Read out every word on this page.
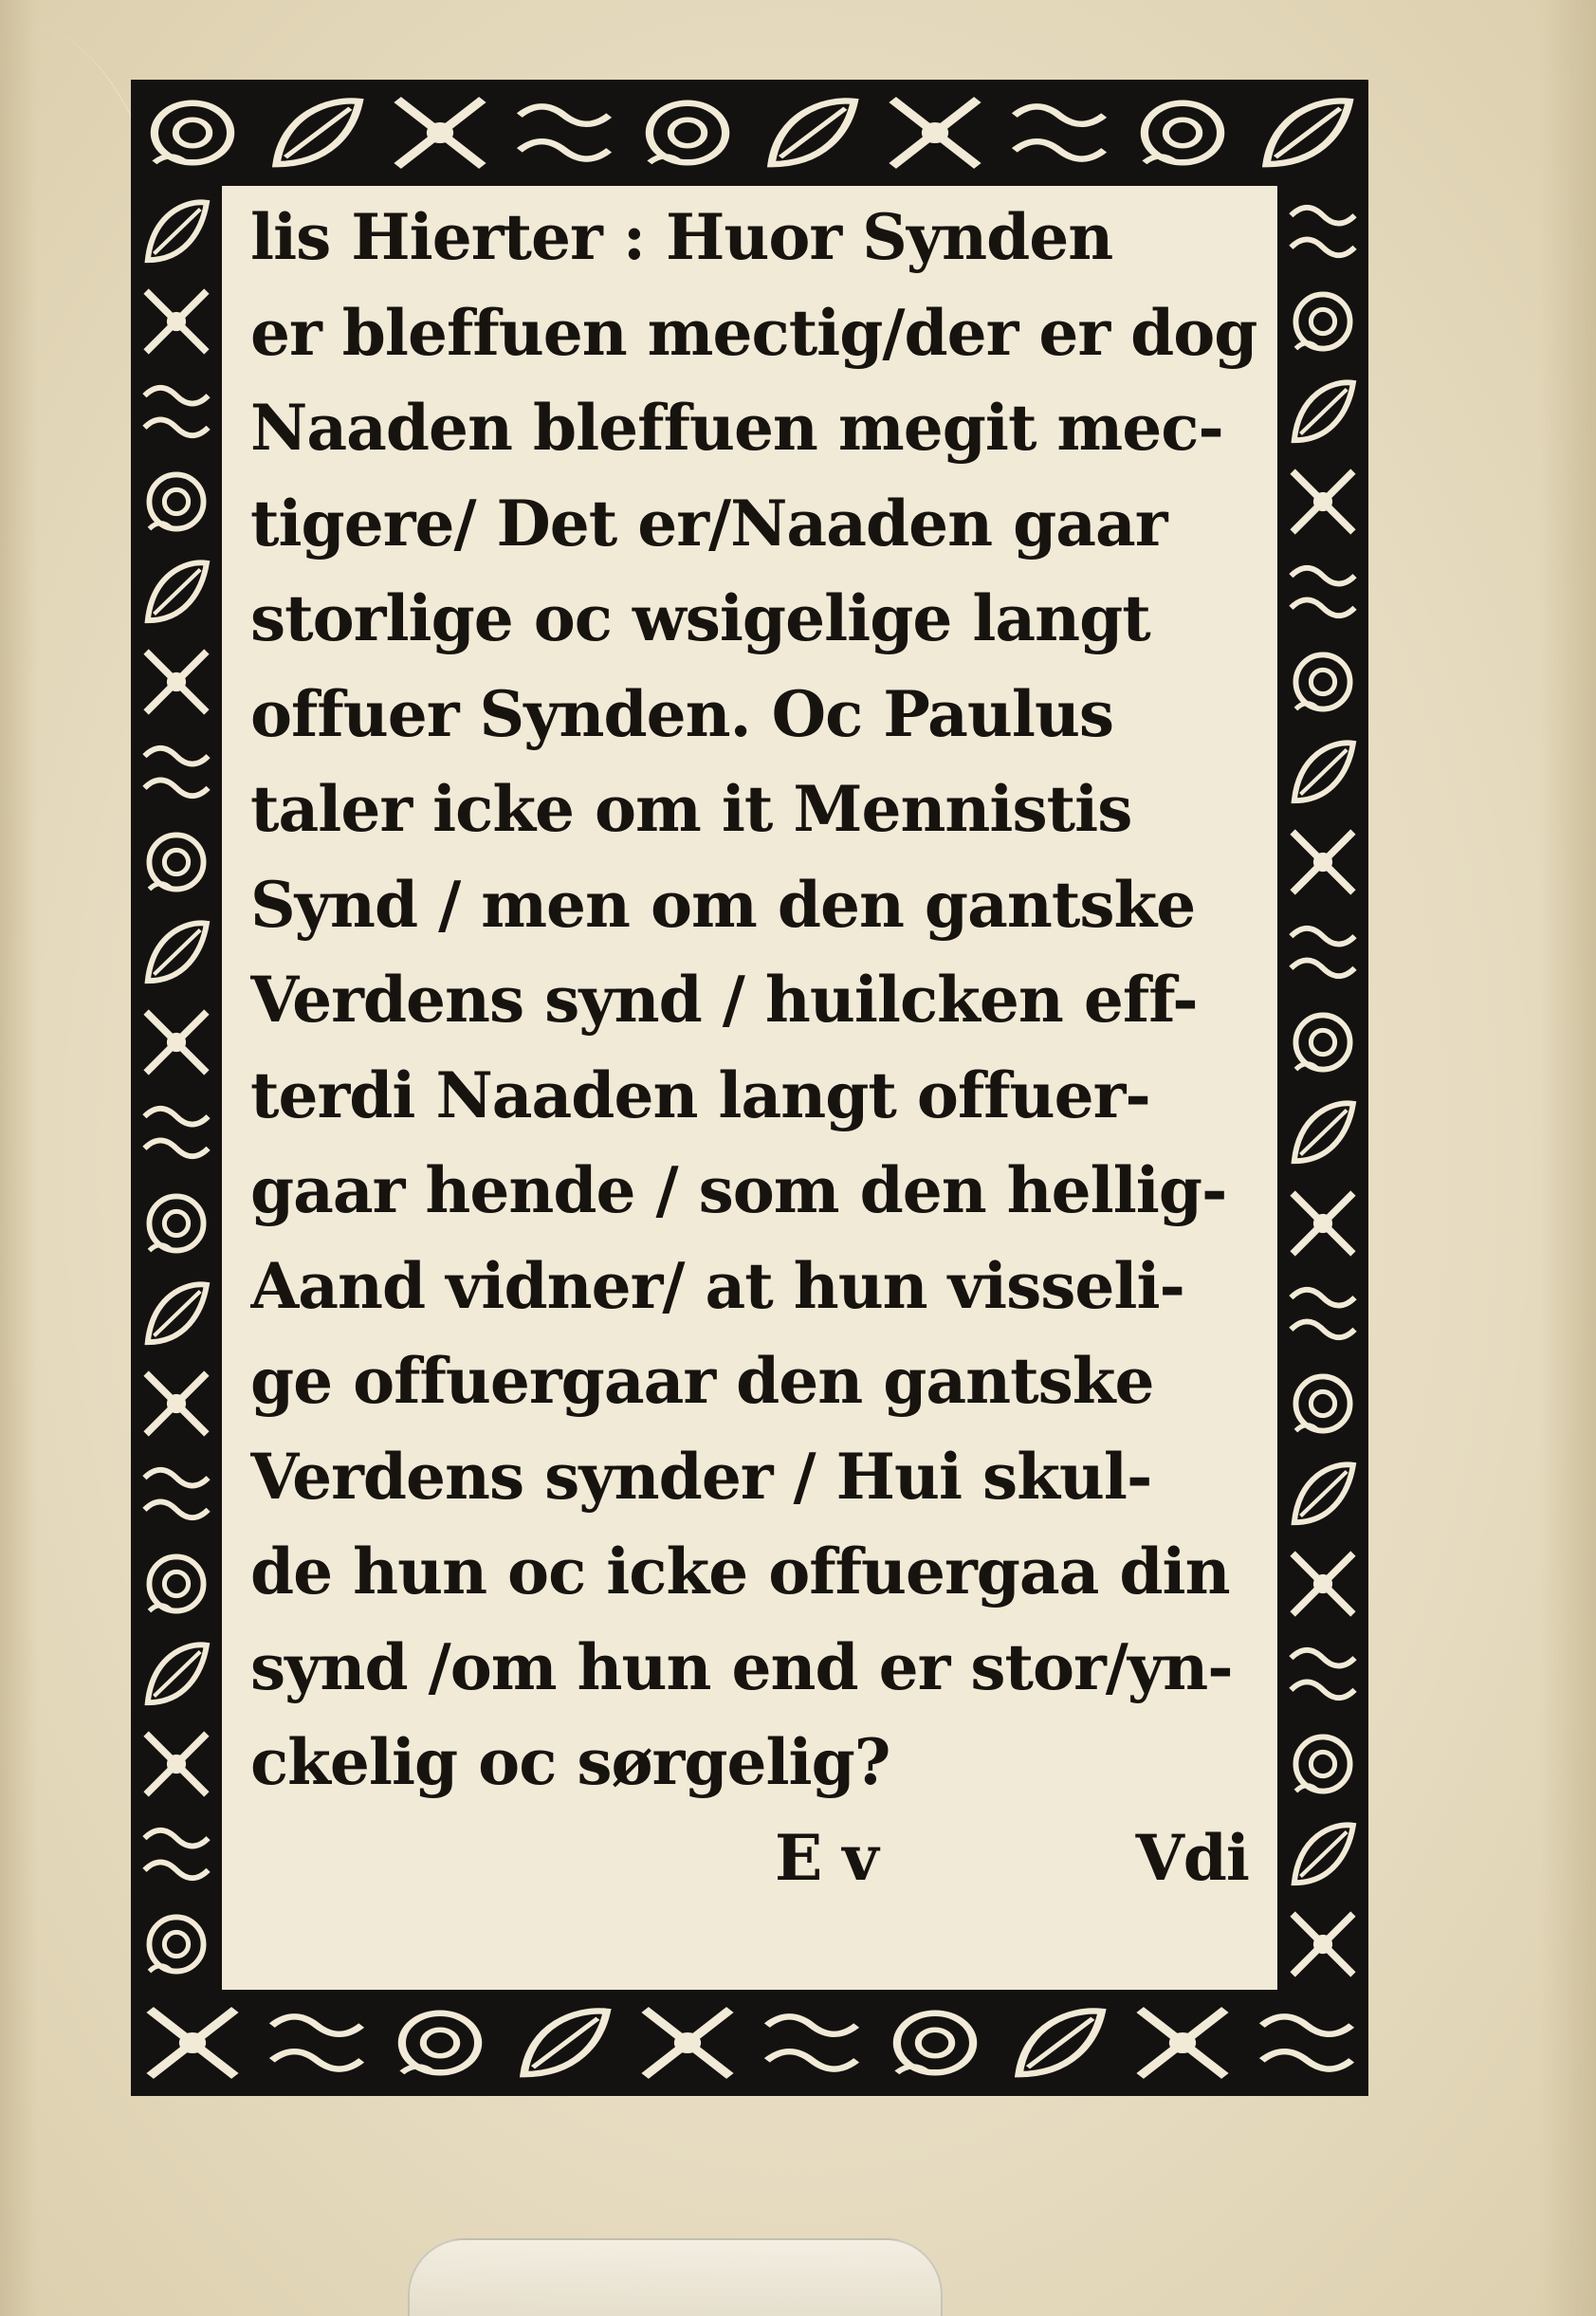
lis Hierter : Huor Synden
er bleffuen mectig/der er dog
Naaden bleffuen megit mec-
tigere/ Det er/Naaden gaar
storlige oc wsigelige langt
offuer Synden. Oc Paulus
taler icke om it Mennistis
Synd / men om den gantske
Verdens synd / huilcken eff-
terdi Naaden langt offuer-
gaar hende / som den hellig-
Aand vidner/ at hun visseli-
ge offuergaar den gantske
Verdens synder / Hui skul-
de hun oc icke offuergaa din
synd /om hun end er stor/yn-
ckelig oc sørgelig?
E v	Vdi
